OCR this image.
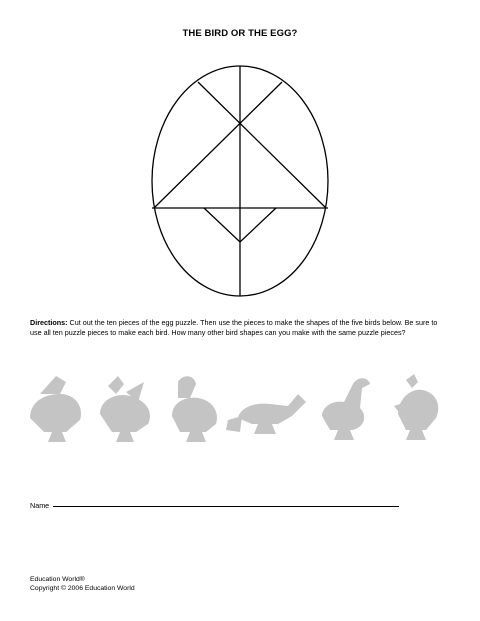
THE BIRD OR THE EGG?
Directions: Cut out the ten pieces of the egg puzzle. Then use the pieces to make the shapes of the five birds below. Be sure to use all ten puzzle pieces to make each bird. How many other bird shapes can you make with the same puzzle pieces?
Name
Education World®
Copyright © 2006 Education World
